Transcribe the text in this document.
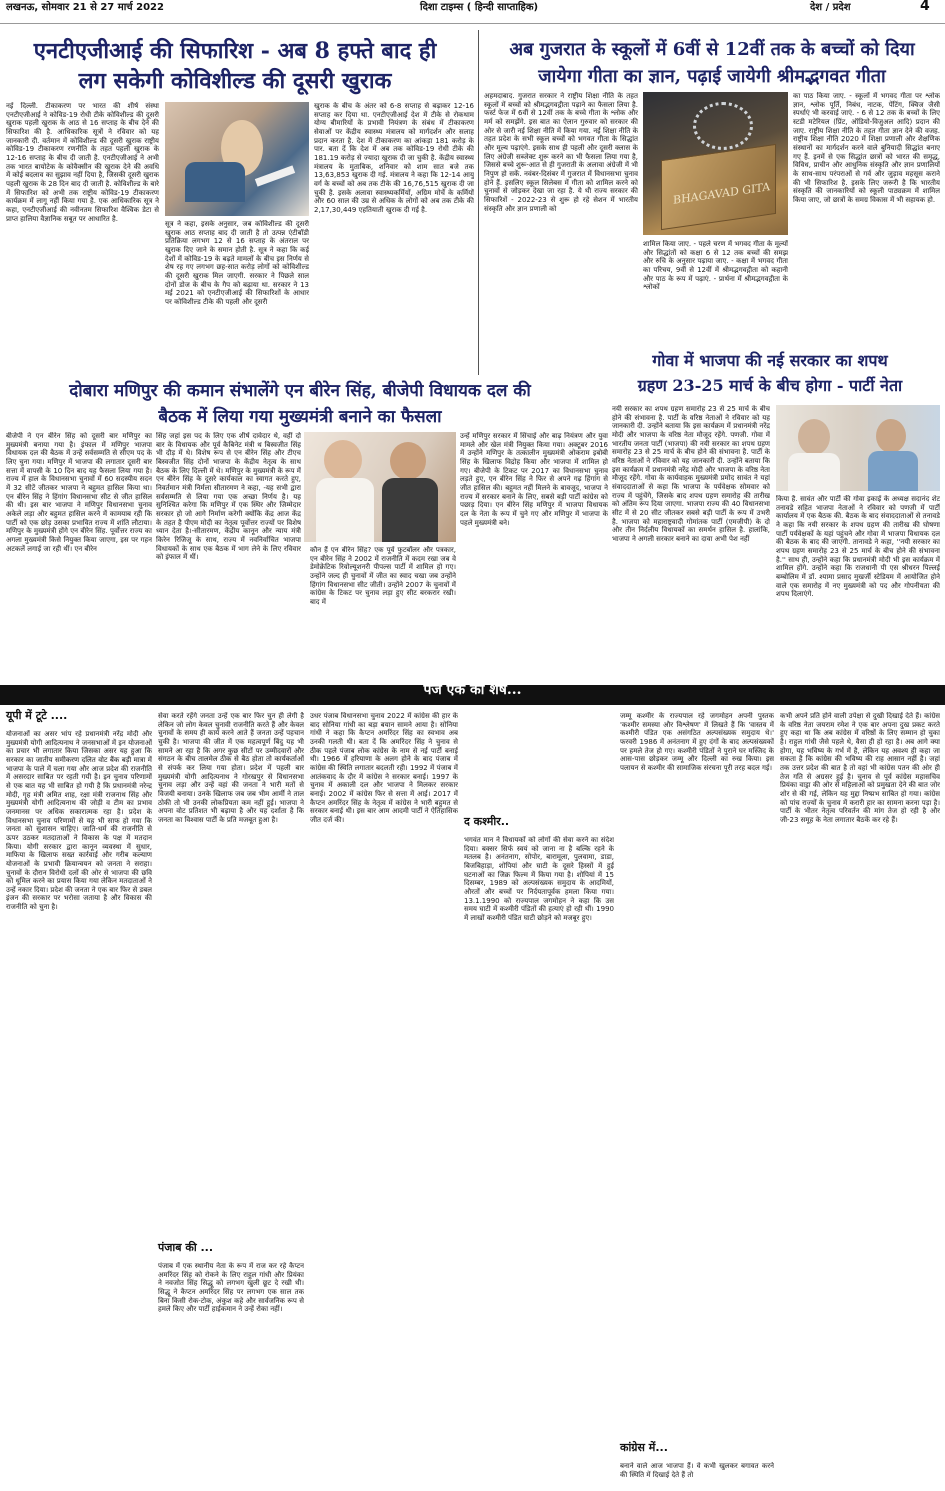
लखनऊ, सोमवार 21 से 27 मार्च 2022	दिशा टाइम्स ( हिन्दी साप्ताहिक)	देश / प्रदेश	4
एनटीएजीआई की सिफारिश - अब 8 हफ्ते बाद ही
लग सकेगी कोविशील्ड की दूसरी खुराक
नई दिल्ली. टीकाकरण पर भारत की शीर्ष संस्था एनटीएजीआई ने कोविड-19 रोधी टीके कोविशील्ड की दूसरी खुराक पहली खुराक के आठ से 16 सप्ताह के बीच देने की सिफारिश की है. आधिकारिक सूत्रों ने रविवार को यह जानकारी दी. वर्तमान में कोविशील्ड की दूसरी खुराक राष्ट्रीय कोविड-19 टीकाकरण रणनीति के तहत पहली खुराक के 12-16 सप्ताह के बीच दी जाती है. एनटीएजीआई ने अभी तक भारत बायोटेक के कोवैक्सीन की खुराक देने की अवधि में कोई बदलाव का सुझाव नहीं दिया है, जिसकी दूसरी खुराक पहली खुराक के 28 दिन बाद दी जाती है. कोविशील्ड के बारे में सिफारिश को अभी तक राष्ट्रीय कोविड-19 टीकाकरण कार्यक्रम में लागू नहीं किया गया है. एक आधिकारिक सूत्र ने कहा, एनटीएजीआई की नवीनतम सिफारिश वैश्विक डेटा से प्राप्त हालिया वैज्ञानिक सबूत पर आधारित है.
सूत्र ने कहा, इसके अनुसार, जब कोविशील्ड की दूसरी खुराक आठ सप्ताह बाद दी जाती है तो उत्पन्न एंटीबॉडी प्रतिक्रिया लगभग 12 से 16 सप्ताह के अंतराल पर खुराक दिए जाने के समान होती है. सूत्र ने कहा कि कई देशों में कोविड-19 के बढ़ते मामलों के बीच इस निर्णय से शेष रह गए लगभग छह-सात करोड़ लोगों को कोविशील्ड की दूसरी खुराक मिल जाएगी. सरकार ने पिछले साल दोनों डोज के बीच के गैप को बढ़ाया था. सरकार ने 13 मई 2021 को एनटीएजीआई की सिफारिशों के आधार पर कोविशील्ड टीके की पहली और दूसरी
खुराक के बीच के अंतर को 6-8 सप्ताह से बढ़ाकर 12-16 सप्ताह कर दिया था. एनटीएजीआई देश में टीके से रोकथाम योग्य बीमारियों के प्रभावी नियंत्रण के संबंध में टीकाकरण सेवाओं पर केंद्रीय स्वास्थ्य मंत्रालय को मार्गदर्शन और सलाह प्रदान करता है. देश में टीकाकरण का आंकड़ा 181 करोड़ के पार. बता दें कि देश में अब तक कोविड-19 रोधी टीके की 181.19 करोड़ से ज्यादा खुराक दी जा चुकी है. केंद्रीय स्वास्थ्य मंत्रालय के मुताबिक, शनिवार को शाम सात बजे तक 13,63,853 खुराक दी गई. मंत्रालय ने कहा कि 12-14 आयु वर्ग के बच्चों को अब तक टीके की 16,76,515 खुराक दी जा चुकी है. इसके अलावा स्वास्थ्यकर्मियों, अग्रिम मोर्चे के कर्मियों और 60 साल की उम्र से अधिक के लोगों को अब तक टीके की 2,17,30,449 एहतियाती खुराक दी गई है.
अब गुजरात के स्कूलों में 6वीं से 12वीं तक के बच्चों को दिया
जायेगा गीता का ज्ञान, पढ़ाई जायेगी श्रीमद्भगवत गीता
अहमदाबाद. गुजरात सरकार ने राष्ट्रीय शिक्षा नीति के तहत स्कूलों में बच्चों को श्रीमद्भगवद्गीता पढ़ाने का फैसला लिया है. फर्स्ट फेज में 6वीं से 12वीं तक के बच्चे गीता के श्लोक और मर्म को समझेंगे. इस बात का ऐलान गुरुवार को सरकार की ओर से जारी नई शिक्षा नीति में किया गया. नई शिक्षा नीति के तहत प्रदेश के सभी स्कूल बच्चों को भगवत गीता के सिद्धांत और मूल्य पढ़ाएंगे. इसके साथ ही पहली और दूसरी क्लास के लिए अंग्रेजी सब्जेक्ट शुरू करने का भी फैसला लिया गया है, जिससे बच्चे शुरू-आत से ही गुजराती के अलावा अंग्रेजी में भी निपुण हो सकें. नवंबर-दिसंबर में गुजरात में विधानसभा चुनाव होने हैं. इसलिए स्कूल सिलेबस में गीता को शामिल करने को चुनावों से जोड़कर देखा जा रहा है. ये थी राज्य सरकार की सिफारिशें - 2022-23 से शुरू हो रहे सेशन में भारतीय संस्कृति और ज्ञान प्रणाली को
BHAGAVAD GITA
शामिल किया जाए. - पहले चरण में भगवद गीता के मूल्यों और सिद्धांतों को कक्षा 6 से 12 तक बच्चों की समझ और रुचि के अनुसार पढ़ाया जाए. - कक्षा में भगवद गीता का परिचय, 9वीं से 12वीं में श्रीमद्भगवद्गीता को कहानी और पाठ के रूप में पढ़ाएं. - प्रार्थना में श्रीमद्भगवद्गीता के श्लोकों
का पाठ किया जाए. - स्कूलों में भगवद गीता पर श्लोक ज्ञान, श्लोक पूर्ति, निबंध, नाटक, पेंटिंग, क्विज जैसी स्पर्धाएं भी करवाई जाएं. - 6 से 12 तक के बच्चों के लिए स्टडी मटेरियल (प्रिंट, ऑडियो-विजुअल आदि) प्रदान की जाए. राष्ट्रीय शिक्षा नीति के तहत गीता ज्ञान देने की वजह. राष्ट्रीय शिक्षा नीति 2020 में शिक्षा प्रणाली और शैक्षणिक संस्थानों का मार्गदर्शन करने वाले बुनियादी सिद्धांत बनाए गए हैं. इनमें से एक सिद्धांत छात्रों को भारत की समृद्ध, विविध, प्राचीन और आधुनिक संस्कृति और ज्ञान प्रणालियों के साथ-साथ परंपराओं से गर्व और जुड़ाव महसूस कराने की भी सिफारिश है. इसके लिए जरूरी है कि भारतीय संस्कृति की जानकारियों को स्कूली पाठ्यक्रम में शामिल किया जाए, जो छात्रों के समग्र विकास में भी सहायक हो.
गोवा में भाजपा की नई सरकार का शपथ
ग्रहण 23-25 मार्च के बीच होगा - पार्टी नेता
नयी सरकार का शपथ ग्रहण समारोह 23 से 25 मार्च के बीच होने की संभावना है. पार्टी के वरिष्ठ नेताओं ने रविवार को यह जानकारी दी. उन्होंने बताया कि इस कार्यक्रम में प्रधानमंत्री नरेंद्र मोदी और भाजपा के वरिष्ठ नेता मौजूद रहेंगे. पणजी. गोवा में भारतीय जनता पार्टी (भाजपा) की नयी सरकार का शपथ ग्रहण समारोह 23 से 25 मार्च के बीच होने की संभावना है. पार्टी के वरिष्ठ नेताओं ने रविवार को यह जानकारी दी. उन्होंने बताया कि इस कार्यक्रम में प्रधानमंत्री नरेंद्र मोदी और भाजपा के वरिष्ठ नेता मौजूद रहेंगे. गोवा के कार्यवाहक मुख्यमंत्री प्रमोद सावंत ने यहां संवाददाताओं से कहा कि भाजपा के पर्यवेक्षक सोमवार को राज्य में पहुंचेंगे, जिसके बाद शपथ ग्रहण समारोह की तारीख को अंतिम रूप दिया जाएगा. भाजपा राज्य की 40 विधानसभा सीट में से 20 सीट जीतकर सबसे बड़ी पार्टी के रूप में उभरी है. भाजपा को महाराष्ट्रवादी गोमांतक पार्टी (एमजीपी) के दो और तीन निर्दलीय विधायकों का समर्थन हासिल है. हालांकि, भाजपा ने अगली सरकार बनाने का दावा अभी पेश नहीं
किया है. सावंत और पार्टी की गोवा इकाई के अध्यक्ष सदानंद शेट तनावडे सहित भाजपा नेताओं ने रविवार को पणजी में पार्टी कार्यालय में एक बैठक की. बैठक के बाद संवाददाताओं से तनावडे ने कहा कि नयी सरकार के शपथ ग्रहण की तारीख की घोषणा पार्टी पर्यवेक्षकों के यहां पहुंचने और गोवा में भाजपा विधायक दल की बैठक के बाद की जाएगी. तानावडे ने कहा, ''नयी सरकार का शपथ ग्रहण समारोह 23 से 25 मार्च के बीच होने की संभावना है.'' साथ ही, उन्होंने कहा कि प्रधानमंत्री मोदी भी इस कार्यक्रम में शामिल होंगे. उन्होंने कहा कि राजधानी पी एस श्रीधरन पिल्लई बम्बोलिम में डॉ. श्यामा प्रसाद मुखर्जी स्टेडियम में आयोजित होने वाले एक समारोह में नए मुख्यमंत्री को पद और गोपनीयता की शपथ दिलाएंगे.
दोबारा मणिपुर की कमान संभालेंगे एन बीरेन सिंह, बीजेपी विधायक दल की
बैठक में लिया गया मुख्यमंत्री बनाने का फैसला
बीजेपी ने एन बीरेन सिंह को दूसरी बार मणिपुर का मुख्यमंत्री बनाया गया है। इंफाल में मणिपुर भाजपा विधायक दल की बैठक में उन्हें सर्वसम्मति से सीएम पद के लिए चुना गया। मणिपुर में भाजपा की लगातार दूसरी बार सत्ता में वापसी के 10 दिन बाद यह फैसला लिया गया है। राज्य में हाल के विधानसभा चुनावों में 60 सदस्यीय सदन में 32 सीटें जीतकर भाजपा ने बहुमत हासिल किया था। एन बीरेन सिंह ने हिंगांग विधानसभा सीट से जीत हासिल की थी। इस बार भाजपा ने मणिपुर विधानसभा चुनाव अकेले लड़ा और बहुमत हासिल करने में कामयाब रही कि पार्टी को एक छोड़ उसका प्रभावित राज्य में शांति लौटाया। मणिपुर के मुख्यमंत्री होंगे एन बीरेन सिंह. पूर्वोत्तर राज्य का अगला मुख्यमंत्री किसे नियुक्त किया जाएगा, इस पर गहन अटकलें लगाई जा रही थीं। एन बीरेन
सिंह जहां इस पद के लिए एक शीर्ष दावेदार थे, वहीं दो बार के विधायक और पूर्व कैबिनेट मंत्री थ बिस्वजीत सिंह भी दौड़ में थे। विशेष रूप से एन बीरेन सिंह और टीएच बिस्वजीत सिंह दोनों भाजपा के केंद्रीय नेतृत्व के साथ बैठक के लिए दिल्ली में थे। मणिपुर के मुख्यमंत्री के रूप में एन बीरेन सिंह के दूसरे कार्यकाल का स्वागत करते हुए, निवर्तमान मंत्री निर्मला सीतारमण ने कहा, -यह सभी द्वारा सर्वसम्मति से लिया गया एक अच्छा निर्णय है। यह सुनिश्चित करेगा कि मणिपुर में एक स्थिर और जिम्मेदार सरकार हो जो आगे निर्माण करेगी क्योंकि केंद्र आज केंद्र के तहत है पीएम मोदी का नेतृत्व पूर्वोत्तर राज्यों पर विशेष ध्यान देता है।-सीतारमण, केंद्रीय कानून और न्याय मंत्री किरेन रिजिजू के साथ, राज्य में नवनिर्वाचित भाजपा विधायकों के साथ एक बैठक में भाग लेने के लिए रविवार को इंफाल में थीं।
कौन हैं एन बीरेन सिंह? एक पूर्व फुटबॉलर और पत्रकार, एन बीरेन सिंह ने 2002 में राजनीति में कदम रखा जब वे डेमोक्रेटिक रिवोल्यूशनरी पीपल्स पार्टी में शामिल हो गए। उन्होंने जल्द ही चुनावों में जीत का स्वाद चखा जब उन्होंने हिंगांग विधानसभा सीट जीती। उन्होंने 2007 के चुनावों में कांग्रेस के टिकट पर चुनाव लड़ा हुए सीट बरकरार रखी। बाद में
उन्हें मणिपुर सरकार में सिंचाई और बाढ़ नियंत्रण और युवा मामले और खेल मंत्री नियुक्त किया गया। अक्टूबर 2016 में उन्होंने मणिपुर के तत्कालीन मुख्यमंत्री ओकराम इबोबी सिंह के खिलाफ विद्रोह किया और भाजपा में शामिल हो गए। बीजेपी के टिकट पर 2017 का विधानसभा चुनाव लड़ते हुए, एन बीरेन सिंह ने फिर से अपने गढ़ हिंगांग से जीत हासिल की। बहुमत नहीं मिलने के बावजूद, भाजपा ने राज्य में सरकार बनाने के लिए, सबसे बड़ी पार्टी कांग्रेस को पछाड़ दिया। एन बीरेन सिंह मणिपुर में भाजपा विधायक दल के नेता के रूप में चुने गए और मणिपुर में भाजपा के पहले मुख्यमंत्री बने।
पेज एक का शेष...
यूपी में टूटे ....
योजनाओं का असर भांप रहे प्रधानमंत्री नरेंद्र मोदी और मुख्यमंत्री योगी आदित्यनाथ ने जनसभाओं में इन योजनाओं का प्रचार भी लगातार किया जिसका असर यह हुआ कि सरकार का जातीय समीकरण दलित वोट बैंक बड़ी मात्रा में भाजपा के पाले में चला गया और आज प्रदेश की राजनीति में असरदार साबित पर रहती गयी है। इन चुनाव परिणामों से एक बात यह भी साबित हो गयी है कि प्रधानमंत्री नरेन्द्र मोदी, गृह मंत्री अमित शाह, रक्षा मंत्री राजनाथ सिंह और मुख्यमंत्री योगी आदित्यनाथ की जोड़ी व टीम का प्रभाव जनमानस पर अधिक सकारात्मक रहा है। प्रदेश के विधानसभा चुनाव परिणामों से यह भी साफ हो गया कि जनता को सुशासन चाहिए। जाति-धर्म की राजनीति से ऊपर उठकर मतदाताओं ने विकास के पक्ष में मतदान किया। योगी सरकार द्वारा कानून व्यवस्था में सुधार, माफिया के खिलाफ सख्त कार्रवाई और गरीब कल्याण योजनाओं के प्रभावी क्रियान्वयन को जनता ने सराहा। चुनावों के दौरान विरोधी दलों की ओर से भाजपा की छवि को धूमिल करने का प्रयास किया गया लेकिन मतदाताओं ने उन्हें नकार दिया। प्रदेश की जनता ने एक बार फिर से डबल इंजन की सरकार पर भरोसा जताया है और विकास की राजनीति को चुना है।
सेवा करते रहेंगे जनता उन्हें एक बार फिर चुन ही लेगी है लेकिन जो लोग केवल चुनावी राजनीति करते हैं और केवल चुनावों के समय ही कार्य करने आते हैं जनता उन्हें पहचान चुकी है। भाजपा की जीत में एक महत्वपूर्ण बिंदु यह भी सामने आ रहा है कि अगर कुछ सीटों पर उम्मीदवारों और संगठन के बीच तालमेल ठीक से बैठ होता तो कार्यकर्ताओं से संपर्क कर लिया गया होता। प्रदेश में पहली बार मुख्यमंत्री योगी आदित्यनाथ ने गोरखपुर से विधानसभा चुनाव लड़ा और उन्हें वहां की जनता ने भारी मतों से विजयी बनाया। उनके खिलाफ जब जब भीम आर्मी ने ताल ठोकी तो भी उनकी लोकप्रियता कम नहीं हुई। भाजपा ने अपना वोट प्रतिशत भी बढ़ाया है और यह दर्शाता है कि जनता का विश्वास पार्टी के प्रति मजबूत हुआ है।
पंजाब की ...
पंजाब में एक स्थानीय नेता के रूप में राज कर रहे कैप्टन अमरिंदर सिंह को रोकने के लिए राहुल गांधी और प्रियंका ने नवजोत सिंह सिद्धू को लगभग खुली छूट दे रखी थी। सिद्धू ने कैप्टन अमरिंदर सिंह पर लगभग एक साल तक बिना किसी रोक-टोक, अंकुश कहे और सार्वजनिक रूप से हमले किए और पार्टी हाईकमान ने उन्हें रोका नहीं।
उधर पंजाब विधानसभा चुनाव 2022 में कांग्रेस की हार के बाद सोनिया गांधी का बड़ा बयान सामने आया है। सोनिया गांधी ने कहा कि कैप्टन अमरिंदर सिंह का स्वभाव अब उनकी गलती थी। बता दें कि अमरिंदर सिंह ने चुनाव से ठीक पहले पंजाब लोक कांग्रेस के नाम से नई पार्टी बनाई थी। 1966 में हरियाणा के अलग होने के बाद पंजाब में कांग्रेस की स्थिति लगातार बदलती रही। 1992 में पंजाब में आतंकवाद के दौर में कांग्रेस ने सरकार बनाई। 1997 के चुनाव में अकाली दल और भाजपा ने मिलकर सरकार बनाई। 2002 में कांग्रेस फिर से सत्ता में आई। 2017 में कैप्टन अमरिंदर सिंह के नेतृत्व में कांग्रेस ने भारी बहुमत से सरकार बनाई थी। इस बार आम आदमी पार्टी ने ऐतिहासिक जीत दर्ज की।	द कश्मीर..
भगवंत मान ने विधायकों को लोगों की सेवा करने का संदेश दिया। बक्सर सिर्फ स्वयं को जाना ना है बल्कि रहने के मतलब है। अनंतनाग, सोपोर, बारामूला, पुलवामा, डाडा, बिजबिहाड़ा, शोपियां और घाटी के दूसरे हिस्सों में हुई घटनाओं का जिक्र फिल्म में किया गया है। शोपियां में 15 दिसम्बर, 1989 को अल्पसंख्यक समुदाय के आदमियों, औरतों और बच्चों पर निर्दयतापूर्वक हमला किया गया। 13.1.1990 को राज्यपाल जगमोहन ने कहा कि उस समय घाटी में कश्मीरी पंडितों की हत्याएं हो रही थीं। 1990 में लाखों कश्मीरी पंडित घाटी छोड़ने को मजबूर हुए।
जम्मू कश्मीर के राज्यपाल रहे जगमोहन अपनी पुस्तक 'कश्मीर समस्या और विश्लेषण' में लिखते हैं कि 'वास्तव में कश्मीरी पंडित एक असंगठित अल्पसंख्यक समुदाय थे।' फरवरी 1986 में अनंतनाग में हुए दंगों के बाद अल्पसंख्यकों पर हमले तेज हो गए। कश्मीरी पंडितों ने पुराने घर मस्जिद के आस-पास छोड़कर जम्मू और दिल्ली का रुख किया। इस पलायन से कश्मीर की सामाजिक संरचना पूरी तरह बदल गई।
कांग्रेस में...
बनाने वाले आज भाजपा हैं। वे कभी खुलकर बगावत करने की स्थिति में दिखाई देते हैं तो
कभी अपने प्रति होने वाली उपेक्षा से दुखी दिखाई देते हैं। कांग्रेस के वरिष्ठ नेता जयराम रमेश ने एक बार अपना दुख प्रकट करते हुए कहा था कि अब कांग्रेस में वरिष्ठों के लिए सम्मान हो चुका है। राहुल गांधी जैसे पहले थे, वैसा ही हो रहा है। अब आगे क्या होगा, यह भविष्य के गर्भ में है, लेकिन यह अवश्य ही कहा जा सकता है कि कांग्रेस की भविष्य की राह आसान नहीं है। जहां तक उत्तर प्रदेश की बात है तो वहां भी कांग्रेस पतन की ओर ही तेज गति से अग्रसर हुई है। चुनाव से पूर्व कांग्रेस महासचिव प्रियंका वाड्रा की ओर से महिलाओं को प्रमुखता देने की बात जोर शोर से की गई, लेकिन यह मुद्दा निष्प्रभ साबित हो गया। कांग्रेस को पांच राज्यों के चुनाव में करारी हार का सामना करना पड़ा है। पार्टी के भीतर नेतृत्व परिवर्तन की मांग तेज हो रही है और जी-23 समूह के नेता लगातार बैठकें कर रहे हैं।
